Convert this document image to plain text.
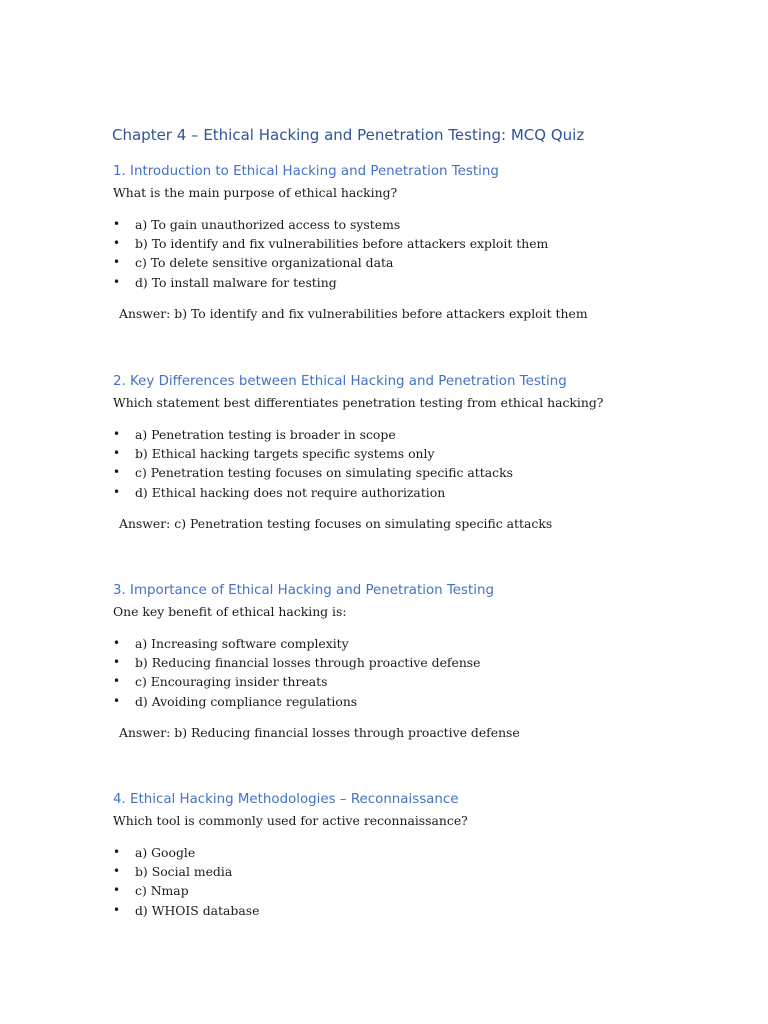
Chapter 4 – Ethical Hacking and Penetration Testing: MCQ Quiz
1. Introduction to Ethical Hacking and Penetration Testing

What is the main purpose of ethical hacking?

• a) To gain unauthorized access to systems
• b) To identify and fix vulnerabilities before attackers exploit them
• c) To delete sensitive organizational data
• d) To install malware for testing

Answer: b) To identify and fix vulnerabilities before attackers exploit them

2. Key Differences between Ethical Hacking and Penetration Testing

Which statement best differentiates penetration testing from ethical hacking?

• a) Penetration testing is broader in scope
• b) Ethical hacking targets specific systems only
• c) Penetration testing focuses on simulating specific attacks
• d) Ethical hacking does not require authorization

Answer: c) Penetration testing focuses on simulating specific attacks

3. Importance of Ethical Hacking and Penetration Testing

One key benefit of ethical hacking is:

• a) Increasing software complexity
• b) Reducing financial losses through proactive defense
• c) Encouraging insider threats
• d) Avoiding compliance regulations

Answer: b) Reducing financial losses through proactive defense

4. Ethical Hacking Methodologies – Reconnaissance

Which tool is commonly used for active reconnaissance?

• a) Google
• b) Social media
• c) Nmap
• d) WHOIS database
